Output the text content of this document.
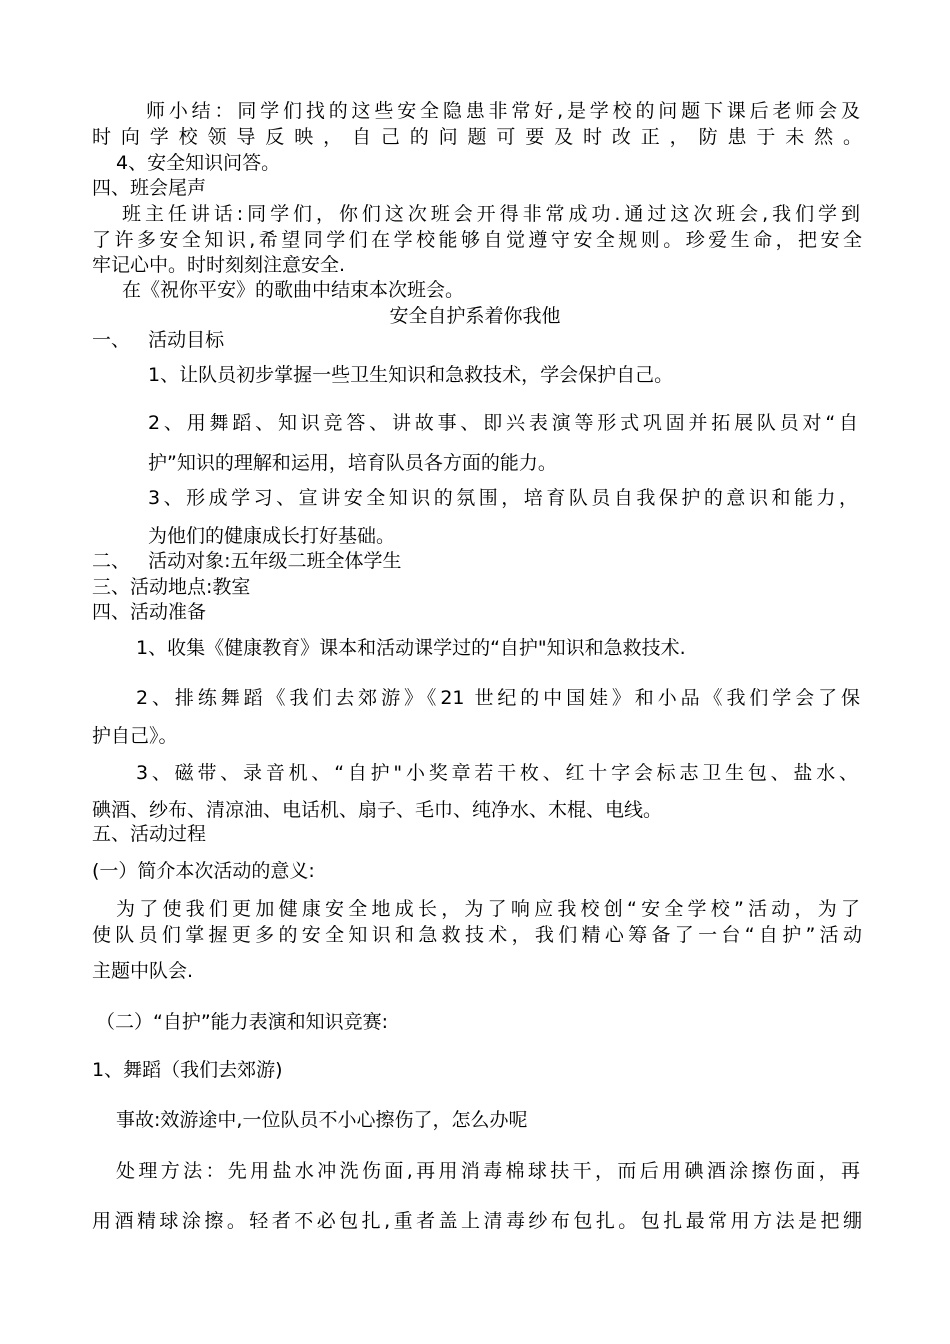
师小结：同学们找的这些安全隐患非常好,是学校的问题下课后老师会及
时向学校领导反映，自己的问题可要及时改正，防患于未然。
4、安全知识问答。
四、班会尾声
班主任讲话:同学们，你们这次班会开得非常成功.通过这次班会,我们学到
了许多安全知识,希望同学们在学校能够自觉遵守安全规则。珍爱生命，把安全
牢记心中。时时刻刻注意安全.
在《祝你平安》的歌曲中结束本次班会。
安全自护系着你我他
一、   活动目标
1、让队员初步掌握一些卫生知识和急救技术，学会保护自己。
2、用舞蹈、知识竞答、讲故事、即兴表演等形式巩固并拓展队员对“自
护”知识的理解和运用，培育队员各方面的能力。
3、形成学习、宣讲安全知识的氛围，培育队员自我保护的意识和能力，
为他们的健康成长打好基础。
二、   活动对象:五年级二班全体学生
三、活动地点:教室
四、活动准备
1、收集《健康教育》课本和活动课学过的“自护"知识和急救技术.
2、排练舞蹈《我们去郊游》《21 世纪的中国娃》和小品《我们学会了保
护自己》。
3、磁带、录音机、“自护"小奖章若干枚、红十字会标志卫生包、盐水、
碘酒、纱布、清凉油、电话机、扇子、毛巾、纯净水、木棍、电线。
五、活动过程
(一）简介本次活动的意义:
为了使我们更加健康安全地成长，为了响应我校创“安全学校”活动，为了
使队员们掌握更多的安全知识和急救技术，我们精心筹备了一台“自护”活动
主题中队会.
（二）“自护”能力表演和知识竞赛:
1、舞蹈（我们去郊游)
事故:效游途中,一位队员不小心擦伤了，怎么办呢
处理方法：先用盐水冲洗伤面,再用消毒棉球扶干，而后用碘酒涂擦伤面，再
用酒精球涂擦。轻者不必包扎,重者盖上清毒纱布包扎。包扎最常用方法是把绷
